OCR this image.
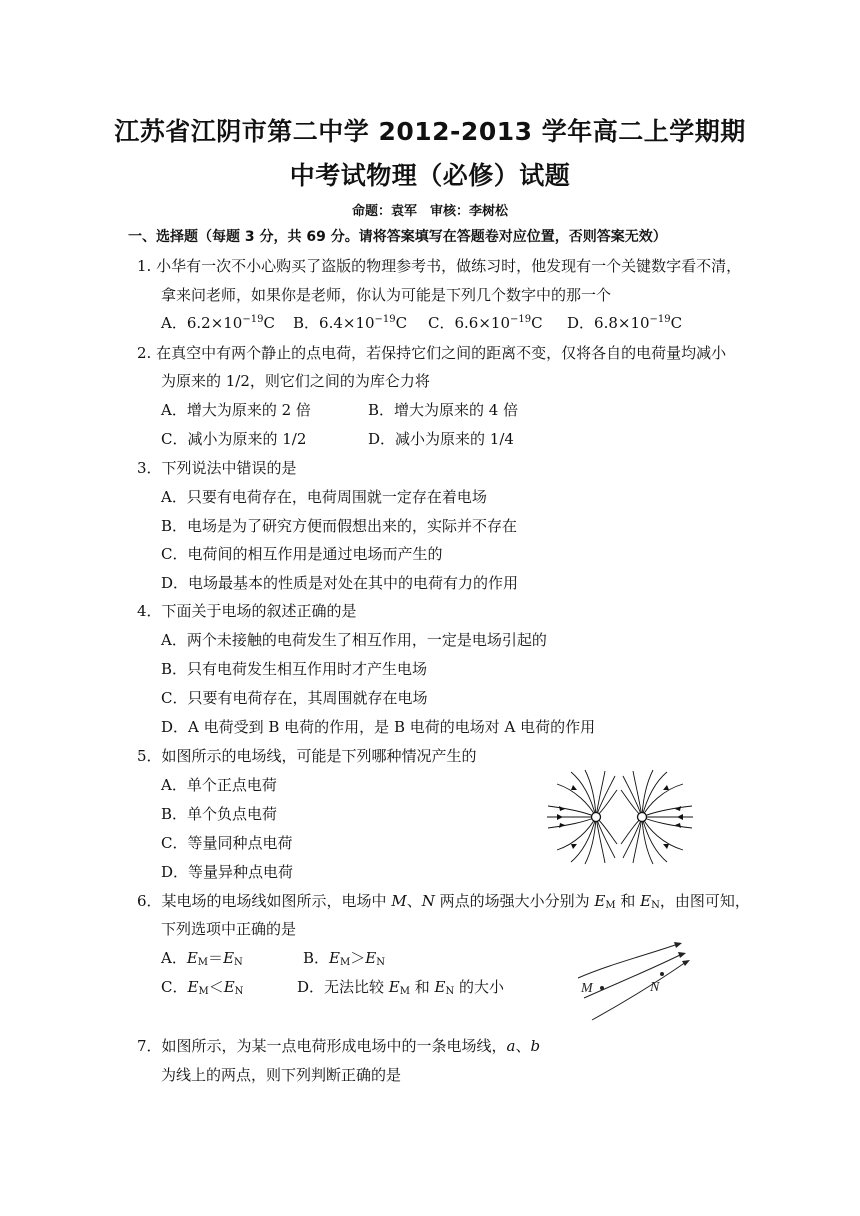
江苏省江阴市第二中学 2012-2013 学年高二上学期期
中考试物理（必修）试题
命题：袁军　审核：李树松
一、选择题（每题 3 分，共 69 分。请将答案填写在答题卷对应位置，否则答案无效）
1. 小华有一次不小心购买了盗版的物理参考书，做练习时，他发现有一个关键数字看不清，
拿来问老师，如果你是老师，你认为可能是下列几个数字中的那一个
A．$6.2\times 10^{-19}C$ B．$6.4\times 10^{-19}C$ C．$6.6\times 10^{-19}C$ D．$6.8\times 10^{-19}C$
2. 在真空中有两个静止的点电荷，若保持它们之间的距离不变，仅将各自的电荷量均减小
为原来的 1/2，则它们之间的为库仑力将
A．增大为原来的 2 倍	B．增大为原来的 4 倍
C．减小为原来的 1/2	D．减小为原来的 1/4
3．下列说法中错误的是
A．只要有电荷存在，电荷周围就一定存在着电场
B．电场是为了研究方便而假想出来的，实际并不存在
C．电荷间的相互作用是通过电场而产生的
D．电场最基本的性质是对处在其中的电荷有力的作用
4．下面关于电场的叙述正确的是
A．两个未接触的电荷发生了相互作用，一定是电场引起的
B．只有电荷发生相互作用时才产生电场
C．只要有电荷存在，其周围就存在电场
D．A 电荷受到 B 电荷的作用，是 B 电荷的电场对 A 电荷的作用
5．如图所示的电场线，可能是下列哪种情况产生的
A．单个正点电荷
B．单个负点电荷
C．等量同种点电荷
D．等量异种点电荷
6．某电场的电场线如图所示，电场中 M、N 两点的场强大小分别为 $E_M$ 和 $E_N$，由图可知，
下列选项中正确的是
A．$E_M=E_N$	B．$E_M>E_N$
C．$E_M<E_N$	D．无法比较 $E_M$ 和 $E_N$ 的大小	M	N
7．如图所示，为某一点电荷形成电场中的一条电场线，a、b
为线上的两点，则下列判断正确的是
